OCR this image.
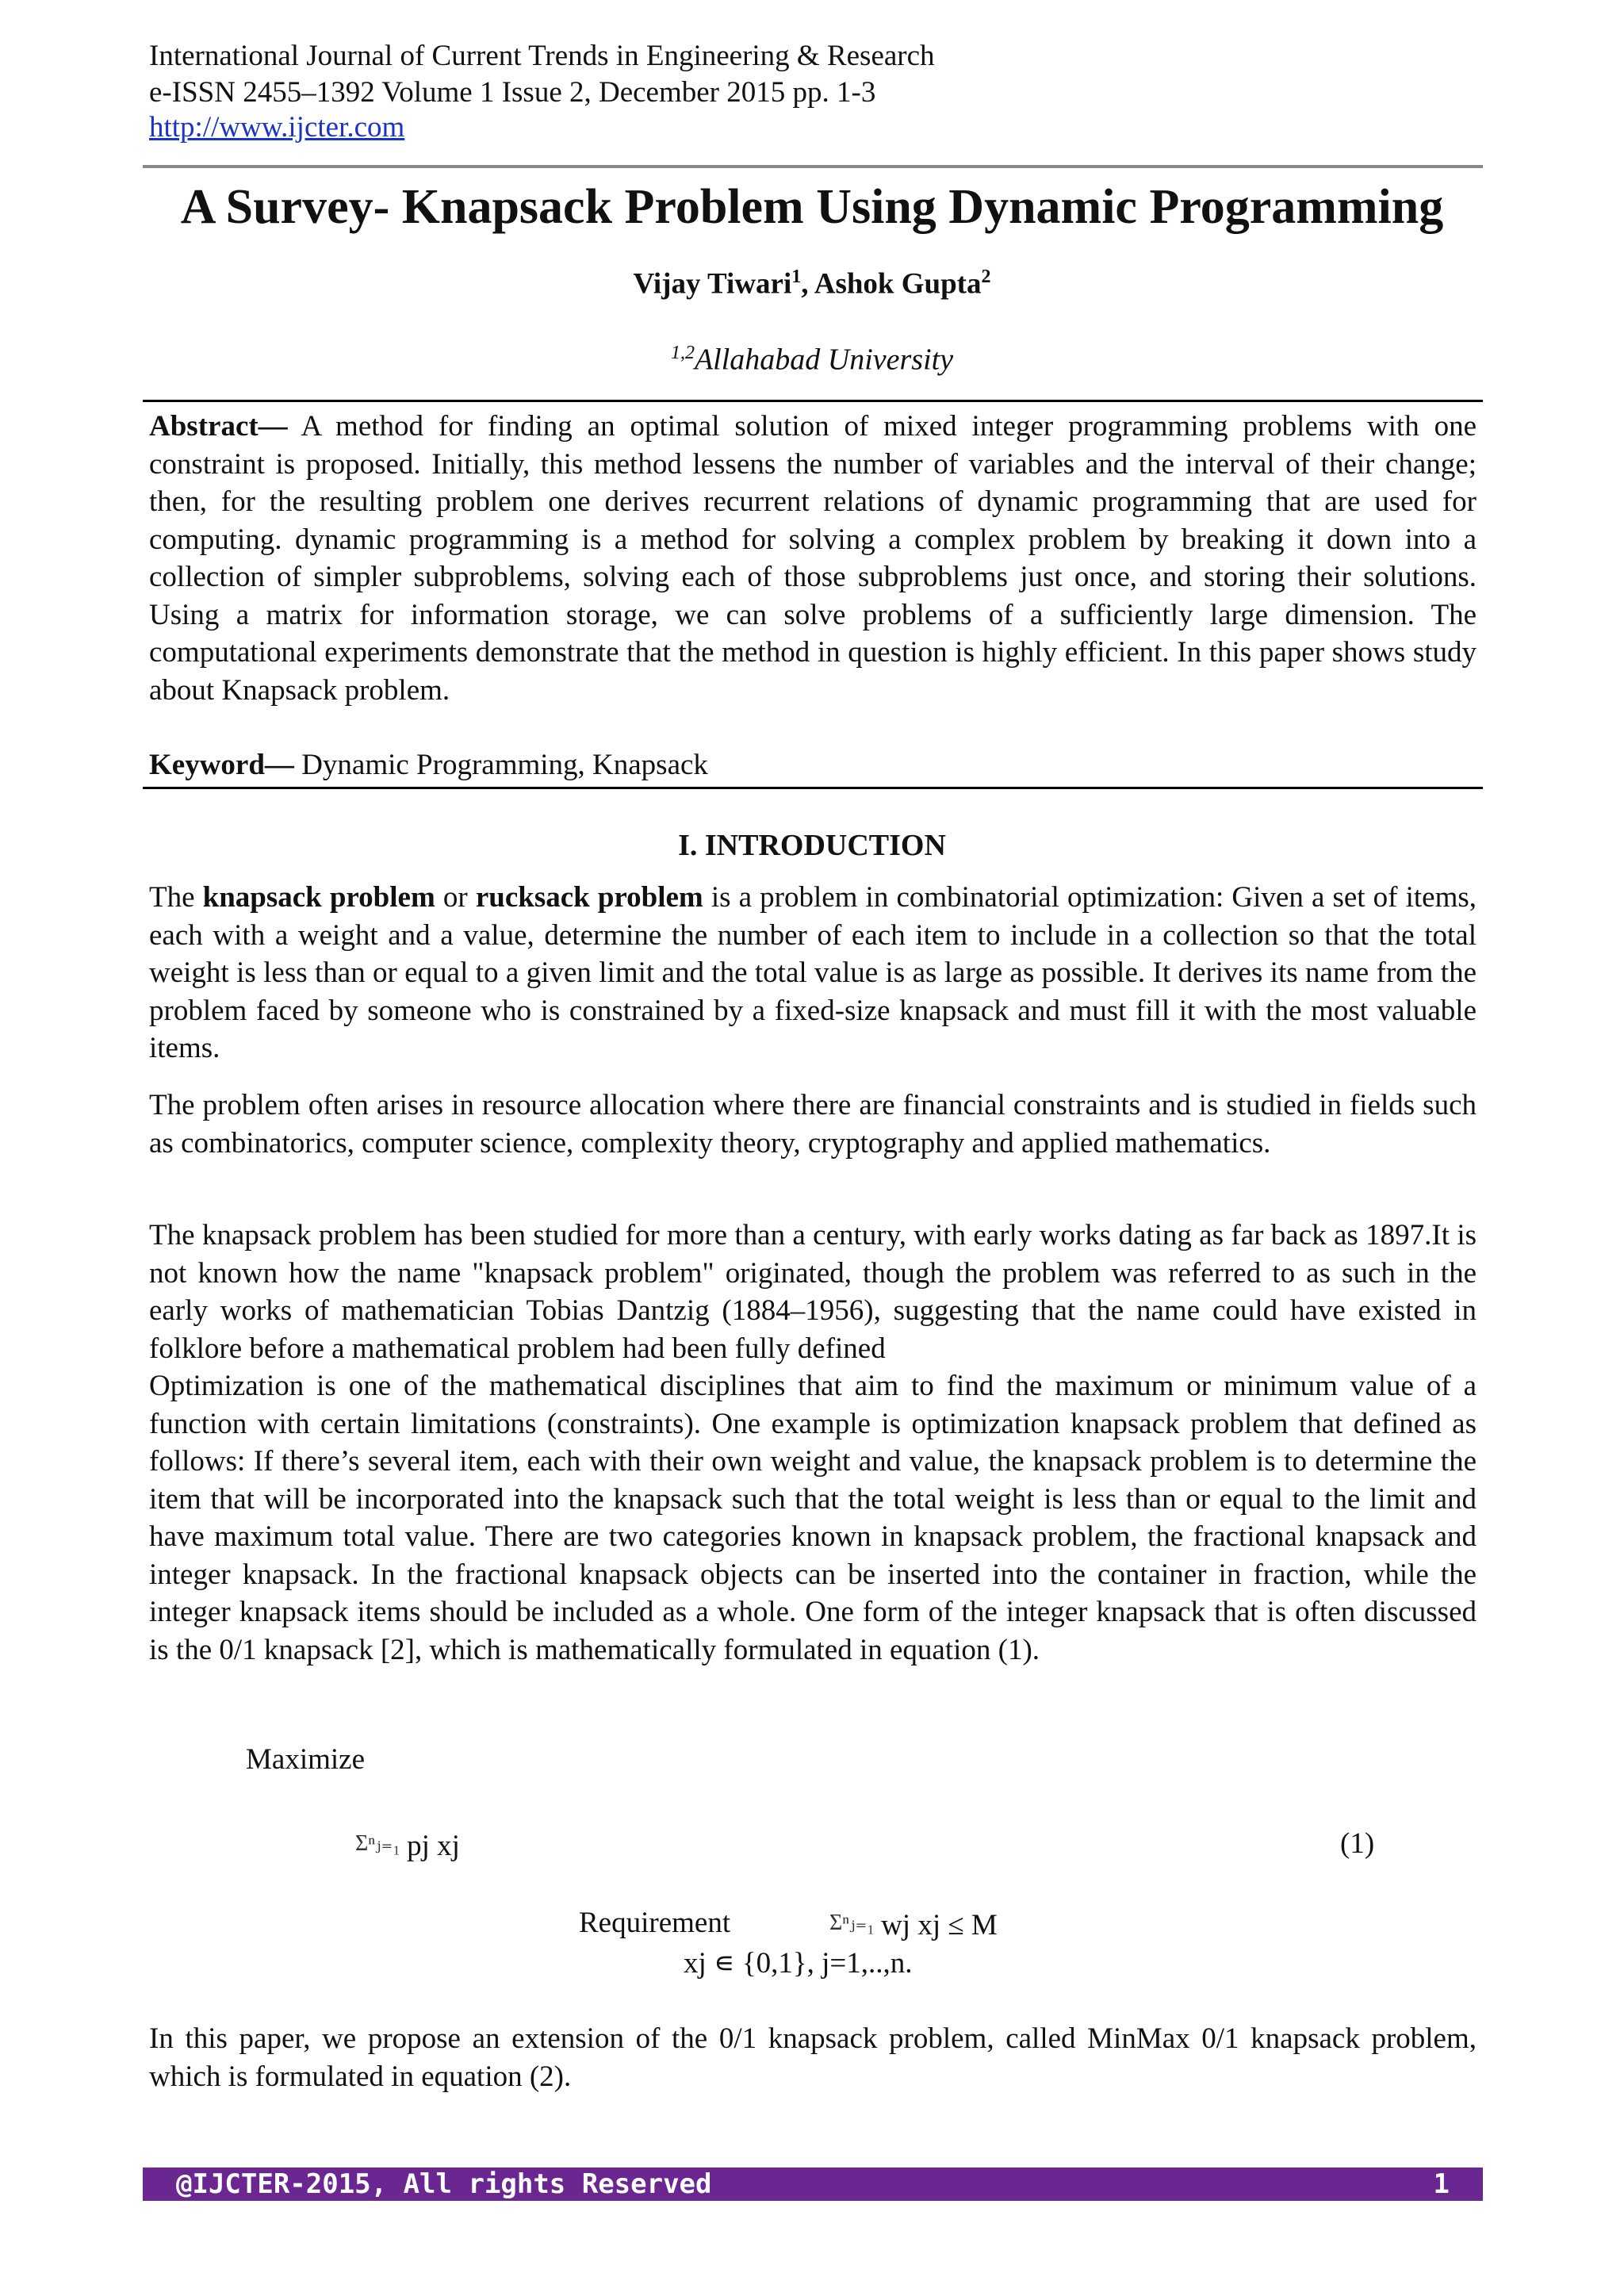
International Journal of Current Trends in Engineering & Research
e-ISSN 2455–1392 Volume 1 Issue 2, December 2015 pp. 1-3
http://www.ijcter.com
A Survey- Knapsack Problem Using Dynamic Programming
Vijay Tiwari$^1$, Ashok Gupta$^2$
$^{1,2}$Allahabad University
Abstract— A method for finding an optimal solution of mixed integer programming problems with one constraint is proposed. Initially, this method lessens the number of variables and the interval of their change; then, for the resulting problem one derives recurrent relations of dynamic programming that are used for computing. dynamic programming is a method for solving a complex problem by breaking it down into a collection of simpler subproblems, solving each of those subproblems just once, and storing their solutions. Using a matrix for information storage, we can solve problems of a sufficiently large dimension. The computational experiments demonstrate that the method in question is highly efficient. In this paper shows study about Knapsack problem.
Keyword— Dynamic Programming, Knapsack
I. INTRODUCTION
The knapsack problem or rucksack problem is a problem in combinatorial optimization: Given a set of items, each with a weight and a value, determine the number of each item to include in a collection so that the total weight is less than or equal to a given limit and the total value is as large as possible. It derives its name from the problem faced by someone who is constrained by a fixed-size knapsack and must fill it with the most valuable items.
The problem often arises in resource allocation where there are financial constraints and is studied in fields such as combinatorics, computer science, complexity theory, cryptography and applied mathematics.
The knapsack problem has been studied for more than a century, with early works dating as far back as 1897.It is not known how the name "knapsack problem" originated, though the problem was referred to as such in the early works of mathematician Tobias Dantzig (1884–1956), suggesting that the name could have existed in folklore before a mathematical problem had been fully defined
Optimization is one of the mathematical disciplines that aim to find the maximum or minimum value of a function with certain limitations (constraints). One example is optimization knapsack problem that defined as follows: If there’s several item, each with their own weight and value, the knapsack problem is to determine the item that will be incorporated into the knapsack such that the total weight is less than or equal to the limit and have maximum total value. There are two categories known in knapsack problem, the fractional knapsack and integer knapsack. In the fractional knapsack objects can be inserted into the container in fraction, while the integer knapsack items should be included as a whole. One form of the integer knapsack that is often discussed is the 0/1 knapsack [2], which is mathematically formulated in equation (1).
Maximize
Σⁿⱼ₌₁ pj xj	(1)
Requirement	Σⁿⱼ₌₁ wj xj ≤ M
xj ∊ {0,1}, j=1,..,n.
In this paper, we propose an extension of the 0/1 knapsack problem, called MinMax 0/1 knapsack problem, which is formulated in equation (2).
@IJCTER-2015, All rights Reserved	1
